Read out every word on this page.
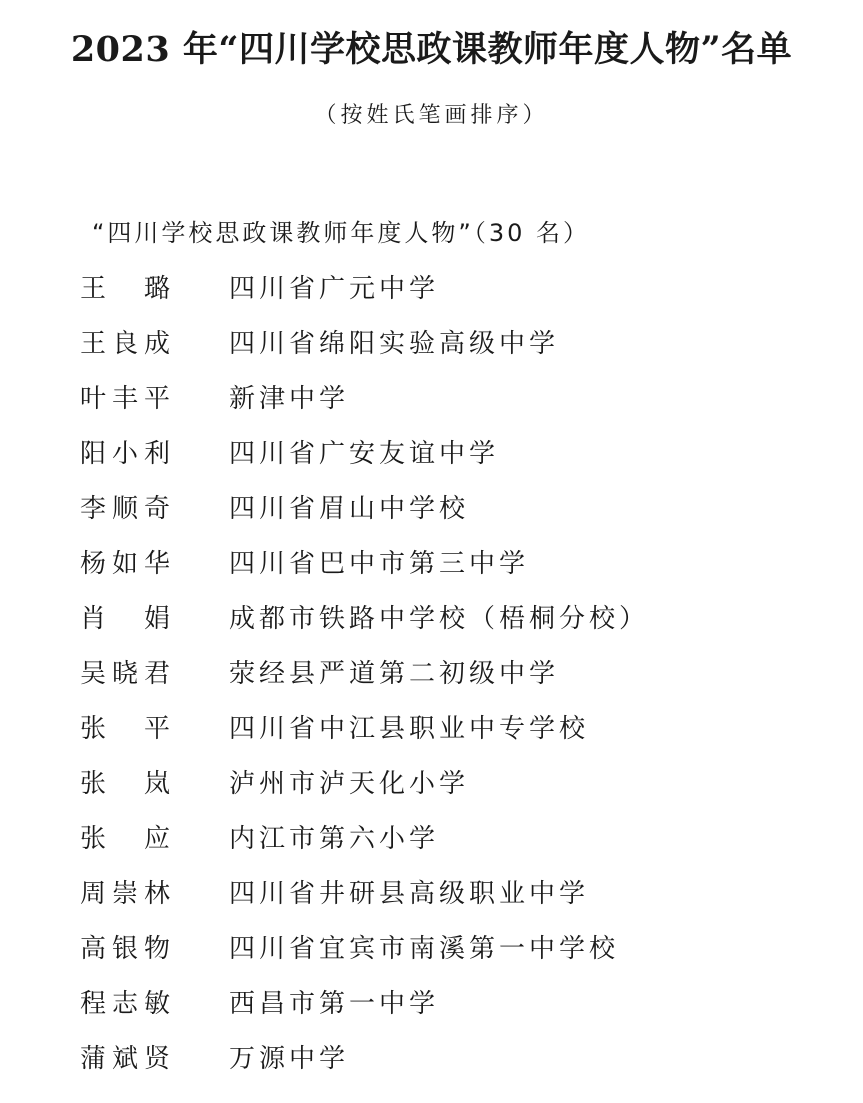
2023 年“四川学校思政课教师年度人物”名单
（按姓氏笔画排序）
“四川学校思政课教师年度人物”（30 名）
王　璐 四川省广元中学
王良成 四川省绵阳实验高级中学
叶丰平 新津中学
阳小利 四川省广安友谊中学
李顺奇 四川省眉山中学校
杨如华 四川省巴中市第三中学
肖　娟 成都市铁路中学校（梧桐分校）
吴晓君 荥经县严道第二初级中学
张　平 四川省中江县职业中专学校
张　岚 泸州市泸天化小学
张　应 内江市第六小学
周崇林 四川省井研县高级职业中学
高银物 四川省宜宾市南溪第一中学校
程志敏 西昌市第一中学
蒲斌贤 万源中学
